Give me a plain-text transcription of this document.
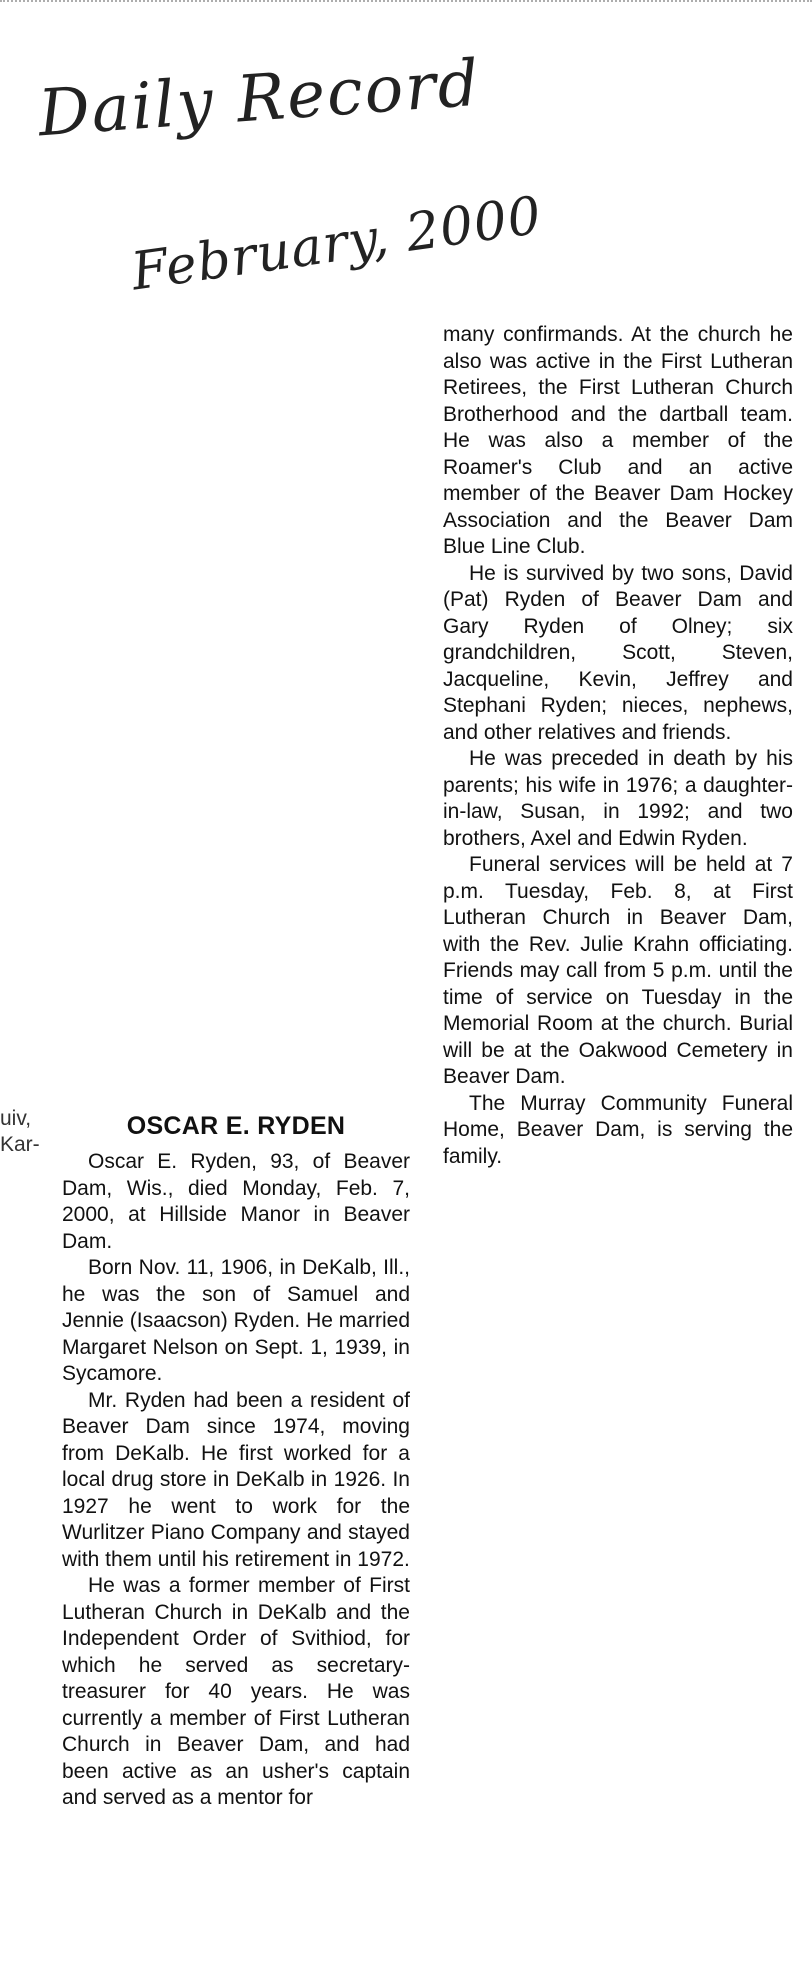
Daily Record
February, 2000
uiv,
Kar-

many confirmands. At the church he also was active in the First Lutheran Retirees, the First Lutheran Church Brotherhood and the dartball team. He was also a member of the Roamer's Club and an active member of the Beaver Dam Hockey Association and the Beaver Dam Blue Line Club.

He is survived by two sons, David (Pat) Ryden of Beaver Dam and Gary Ryden of Olney; six grandchildren, Scott, Steven, Jacqueline, Kevin, Jeffrey and Stephani Ryden; nieces, nephews, and other relatives and friends.

He was preceded in death by his parents; his wife in 1976; a daughter-in-law, Susan, in 1992; and two brothers, Axel and Edwin Ryden.

Funeral services will be held at 7 p.m. Tuesday, Feb. 8, at First Lutheran Church in Beaver Dam, with the Rev. Julie Krahn officiating. Friends may call from 5 p.m. until the time of service on Tuesday in the Memorial Room at the church. Burial will be at the Oakwood Cemetery in Beaver Dam.

The Murray Community Funeral Home, Beaver Dam, is serving the family.

OSCAR E. RYDEN

Oscar E. Ryden, 93, of Beaver Dam, Wis., died Monday, Feb. 7, 2000, at Hillside Manor in Beaver Dam.

Born Nov. 11, 1906, in DeKalb, Ill., he was the son of Samuel and Jennie (Isaacson) Ryden. He married Margaret Nelson on Sept. 1, 1939, in Sycamore.

Mr. Ryden had been a resident of Beaver Dam since 1974, moving from DeKalb. He first worked for a local drug store in DeKalb in 1926. In 1927 he went to work for the Wurlitzer Piano Company and stayed with them until his retirement in 1972.

He was a former member of First Lutheran Church in DeKalb and the Independent Order of Svithiod, for which he served as secretary-treasurer for 40 years. He was currently a member of First Lutheran Church in Beaver Dam, and had been active as an usher's captain and served as a mentor for
